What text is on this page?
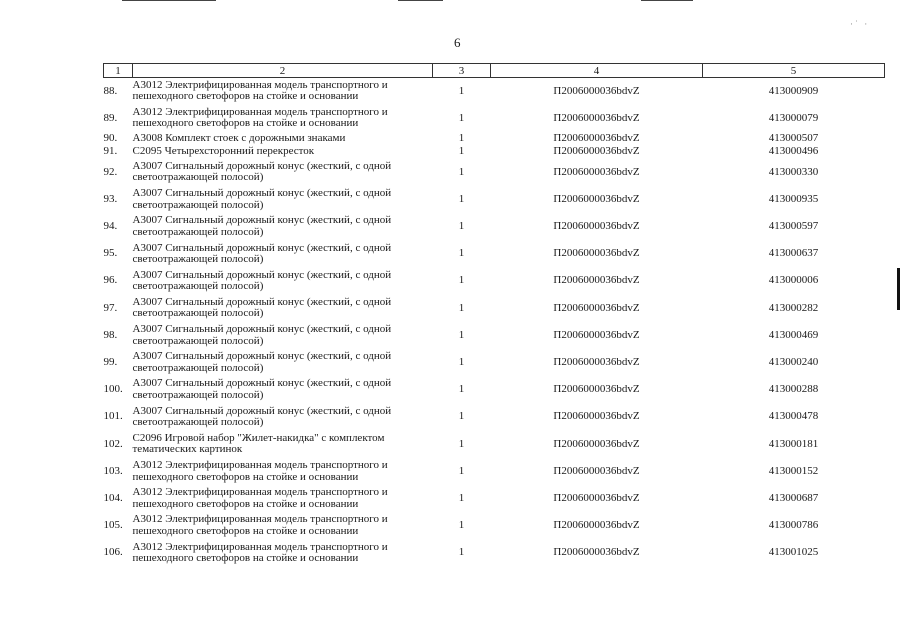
·˙ ·
6
1	2	3	4	5
88.	А3012 Электрифицированная модель транспортного и пешеходного светофоров на стойке и основании	1	П2006000036bdvZ	413000909
89.	А3012 Электрифицированная модель транспортного и пешеходного светофоров на стойке и основании	1	П2006000036bdvZ	413000079
90.	А3008 Комплект стоек с дорожными знаками	1	П2006000036bdvZ	413000507
91.	С2095 Четырехсторонний перекресток	1	П2006000036bdvZ	413000496
92.	А3007 Сигнальный дорожный конус (жесткий, с одной светоотражающей полосой)	1	П2006000036bdvZ	413000330
93.	А3007 Сигнальный дорожный конус (жесткий, с одной светоотражающей полосой)	1	П2006000036bdvZ	413000935
94.	А3007 Сигнальный дорожный конус (жесткий, с одной светоотражающей полосой)	1	П2006000036bdvZ	413000597
95.	А3007 Сигнальный дорожный конус (жесткий, с одной светоотражающей полосой)	1	П2006000036bdvZ	413000637
96.	А3007 Сигнальный дорожный конус (жесткий, с одной светоотражающей полосой)	1	П2006000036bdvZ	413000006
97.	А3007 Сигнальный дорожный конус (жесткий, с одной светоотражающей полосой)	1	П2006000036bdvZ	413000282
98.	А3007 Сигнальный дорожный конус (жесткий, с одной светоотражающей полосой)	1	П2006000036bdvZ	413000469
99.	А3007 Сигнальный дорожный конус (жесткий, с одной светоотражающей полосой)	1	П2006000036bdvZ	413000240
100.	А3007 Сигнальный дорожный конус (жесткий, с одной светоотражающей полосой)	1	П2006000036bdvZ	413000288
101.	А3007 Сигнальный дорожный конус (жесткий, с одной светоотражающей полосой)	1	П2006000036bdvZ	413000478
102.	С2096 Игровой набор "Жилет-накидка" с комплектом тематических картинок	1	П2006000036bdvZ	413000181
103.	А3012 Электрифицированная модель транспортного и пешеходного светофоров на стойке и основании	1	П2006000036bdvZ	413000152
104.	А3012 Электрифицированная модель транспортного и пешеходного светофоров на стойке и основании	1	П2006000036bdvZ	413000687
105.	А3012 Электрифицированная модель транспортного и пешеходного светофоров на стойке и основании	1	П2006000036bdvZ	413000786
106.	А3012 Электрифицированная модель транспортного и пешеходного светофоров на стойке и основании	1	П2006000036bdvZ	413001025
